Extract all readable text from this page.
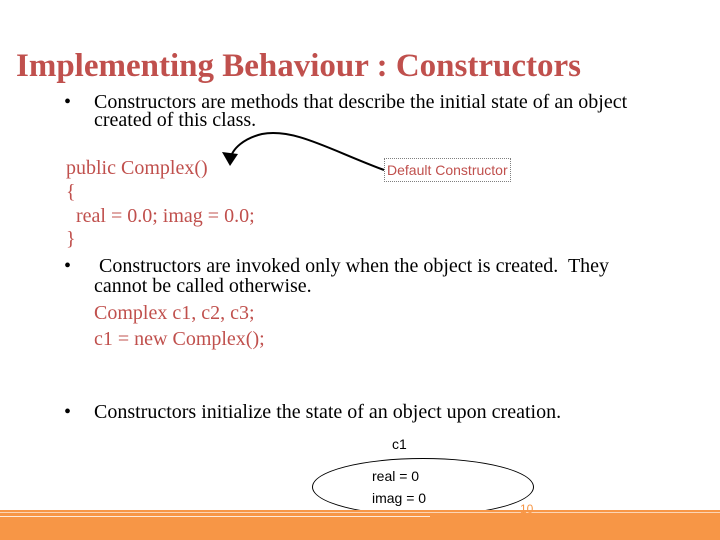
Implementing Behaviour : Constructors
• Constructors are methods that describe the initial state of an object
created of this class.
public Complex()
{
real = 0.0; imag = 0.0;
}
Default Constructor
• Constructors are invoked only when the object is created.  They
cannot be called otherwise.
Complex c1, c2, c3;
c1 = new Complex();
• Constructors initialize the state of an object upon creation.
c1
real = 0
imag = 0
10
